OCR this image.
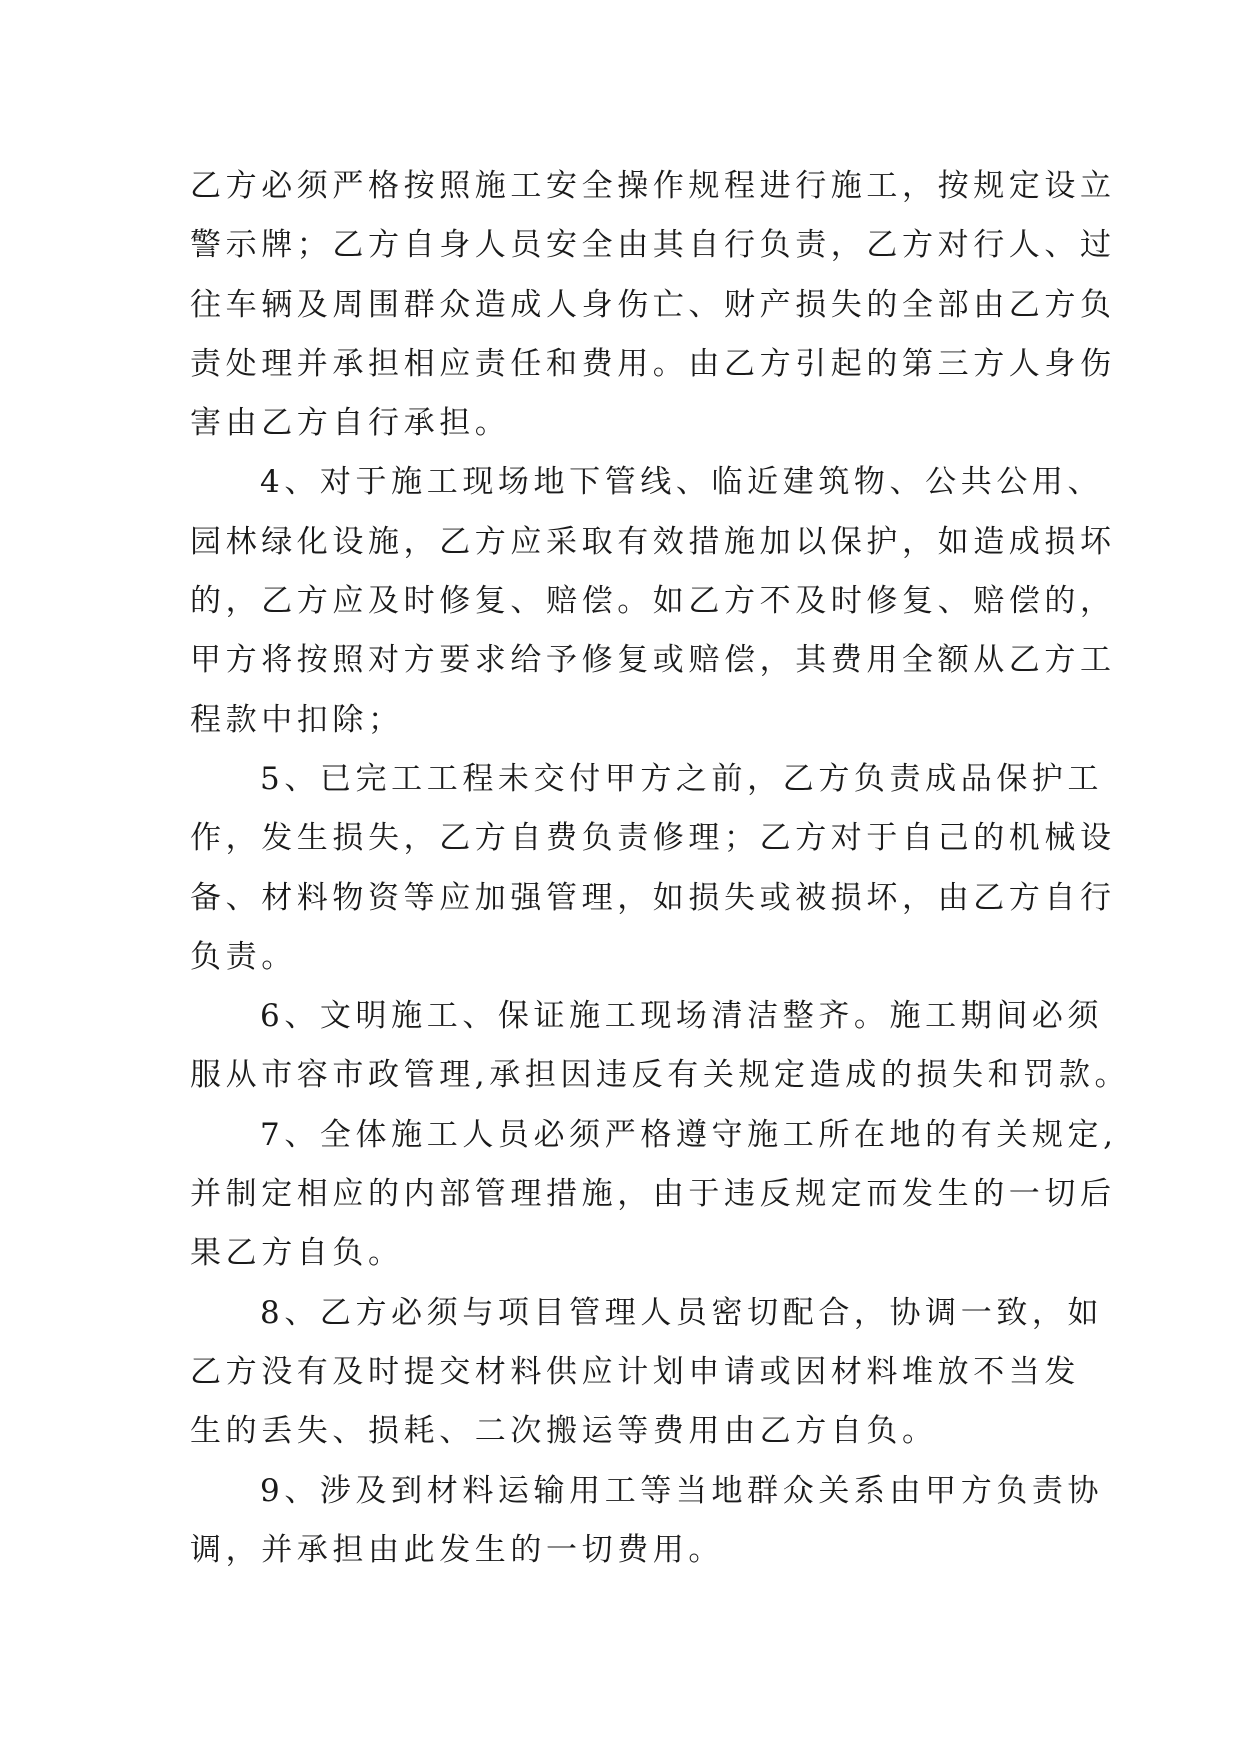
乙方必须严格按照施工安全操作规程进行施工，按规定设立
警示牌；乙方自身人员安全由其自行负责，乙方对行人、过
往车辆及周围群众造成人身伤亡、财产损失的全部由乙方负
责处理并承担相应责任和费用。由乙方引起的第三方人身伤
害由乙方自行承担。

4、对于施工现场地下管线、临近建筑物、公共公用、
园林绿化设施，乙方应采取有效措施加以保护，如造成损坏
的，乙方应及时修复、赔偿。如乙方不及时修复、赔偿的，
甲方将按照对方要求给予修复或赔偿，其费用全额从乙方工
程款中扣除；

5、已完工工程未交付甲方之前，乙方负责成品保护工
作，发生损失，乙方自费负责修理；乙方对于自己的机械设
备、材料物资等应加强管理，如损失或被损坏，由乙方自行
负责。

6、文明施工、保证施工现场清洁整齐。施工期间必须
服从市容市政管理,承担因违反有关规定造成的损失和罚款。

7、全体施工人员必须严格遵守施工所在地的有关规定,
并制定相应的内部管理措施，由于违反规定而发生的一切后
果乙方自负。

8、乙方必须与项目管理人员密切配合，协调一致，如
乙方没有及时提交材料供应计划申请或因材料堆放不当发
生的丢失、损耗、二次搬运等费用由乙方自负。

9、涉及到材料运输用工等当地群众关系由甲方负责协
调，并承担由此发生的一切费用。
